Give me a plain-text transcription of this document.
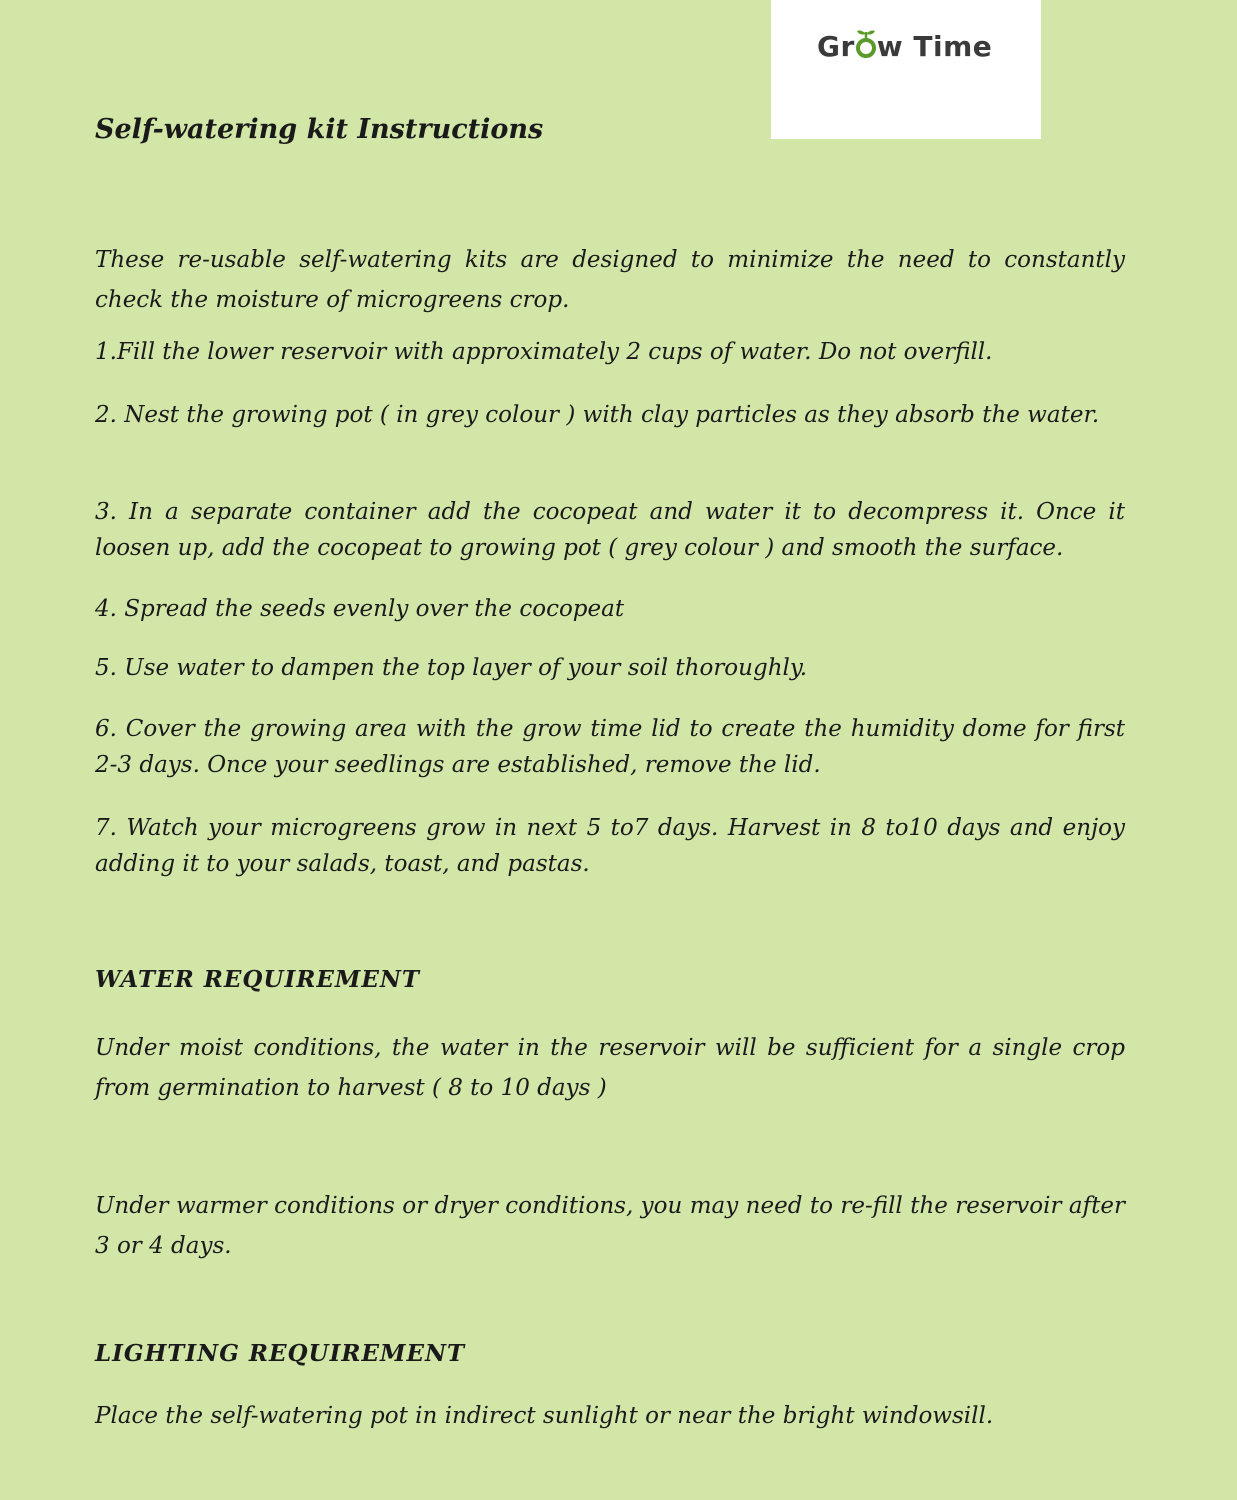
Gr w Time
Self-watering kit Instructions

These re-usable self-watering kits are designed to minimize the need to constantly check the moisture of microgreens crop.

1.Fill the lower reservoir with approximately 2 cups of water. Do not overfill.

2. Nest the growing pot ( in grey colour ) with clay particles as they absorb the water.

3. In a separate container add the cocopeat and water it to decompress it. Once it loosen up, add the cocopeat to growing pot ( grey colour ) and smooth the surface.

4. Spread the seeds evenly over the cocopeat

5. Use water to dampen the top layer of your soil thoroughly.

6. Cover the growing area with the grow time lid to create the humidity dome for first 2-3 days. Once your seedlings are established, remove the lid.

7. Watch your microgreens grow in next 5 to7 days. Harvest in 8 to10 days and enjoy adding it to your salads, toast, and pastas.

WATER REQUIREMENT

Under moist conditions, the water in the reservoir will be sufficient for a single crop from germination to harvest ( 8 to 10 days )

Under warmer conditions or dryer conditions, you may need to re-fill the reservoir after 3 or 4 days.

LIGHTING REQUIREMENT

Place the self-watering pot in indirect sunlight or near the bright windowsill.
